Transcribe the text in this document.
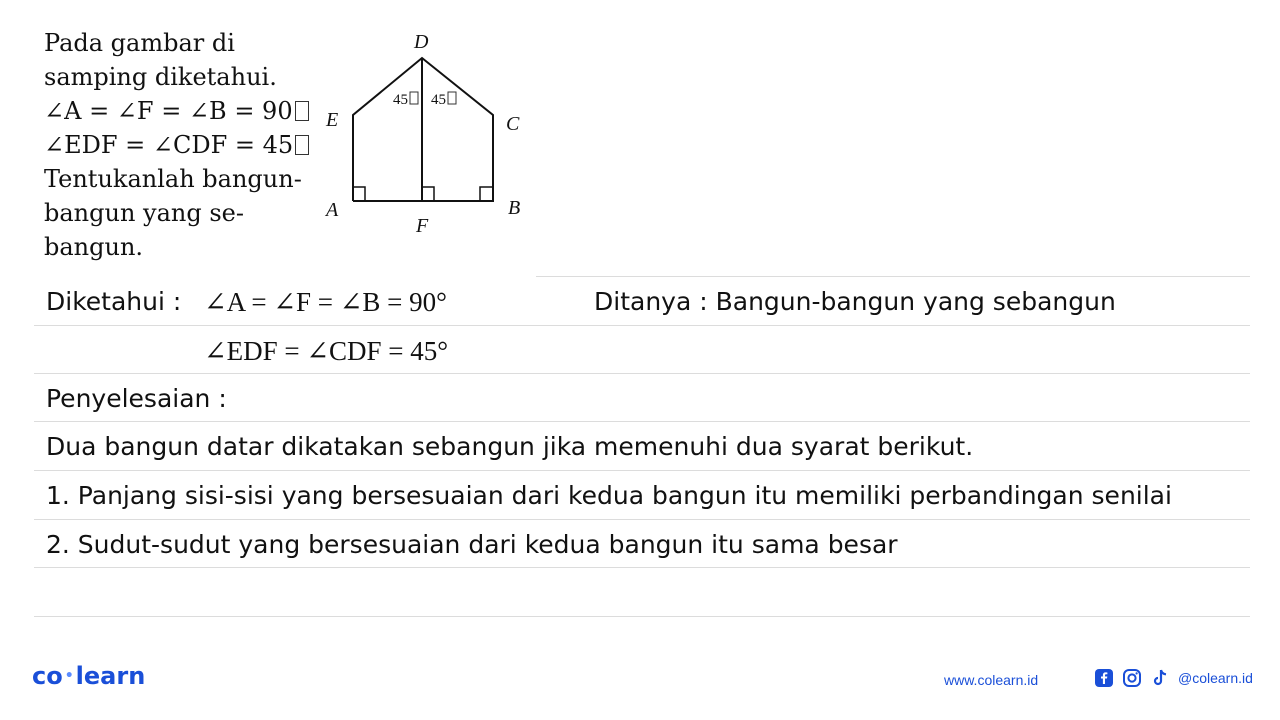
Pada gambar di
samping diketahui.
∠A = ∠F = ∠B = 90
∠EDF = ∠CDF = 45
Tentukanlah bangun-
bangun yang se-
bangun.
D
E	C
A
F
B
45 45
Diketahui : ∠A = ∠F = ∠B = 90°	Ditanya : Bangun-bangun yang sebangun
∠EDF = ∠CDF = 45°
Penyelesaian :
Dua bangun datar dikatakan sebangun jika memenuhi dua syarat berikut.
1. Panjang sisi-sisi yang bersesuaian dari kedua bangun itu memiliki perbandingan senilai
2. Sudut-sudut yang bersesuaian dari kedua bangun itu sama besar
co •learn	www.colearn.id	@colearn.id
